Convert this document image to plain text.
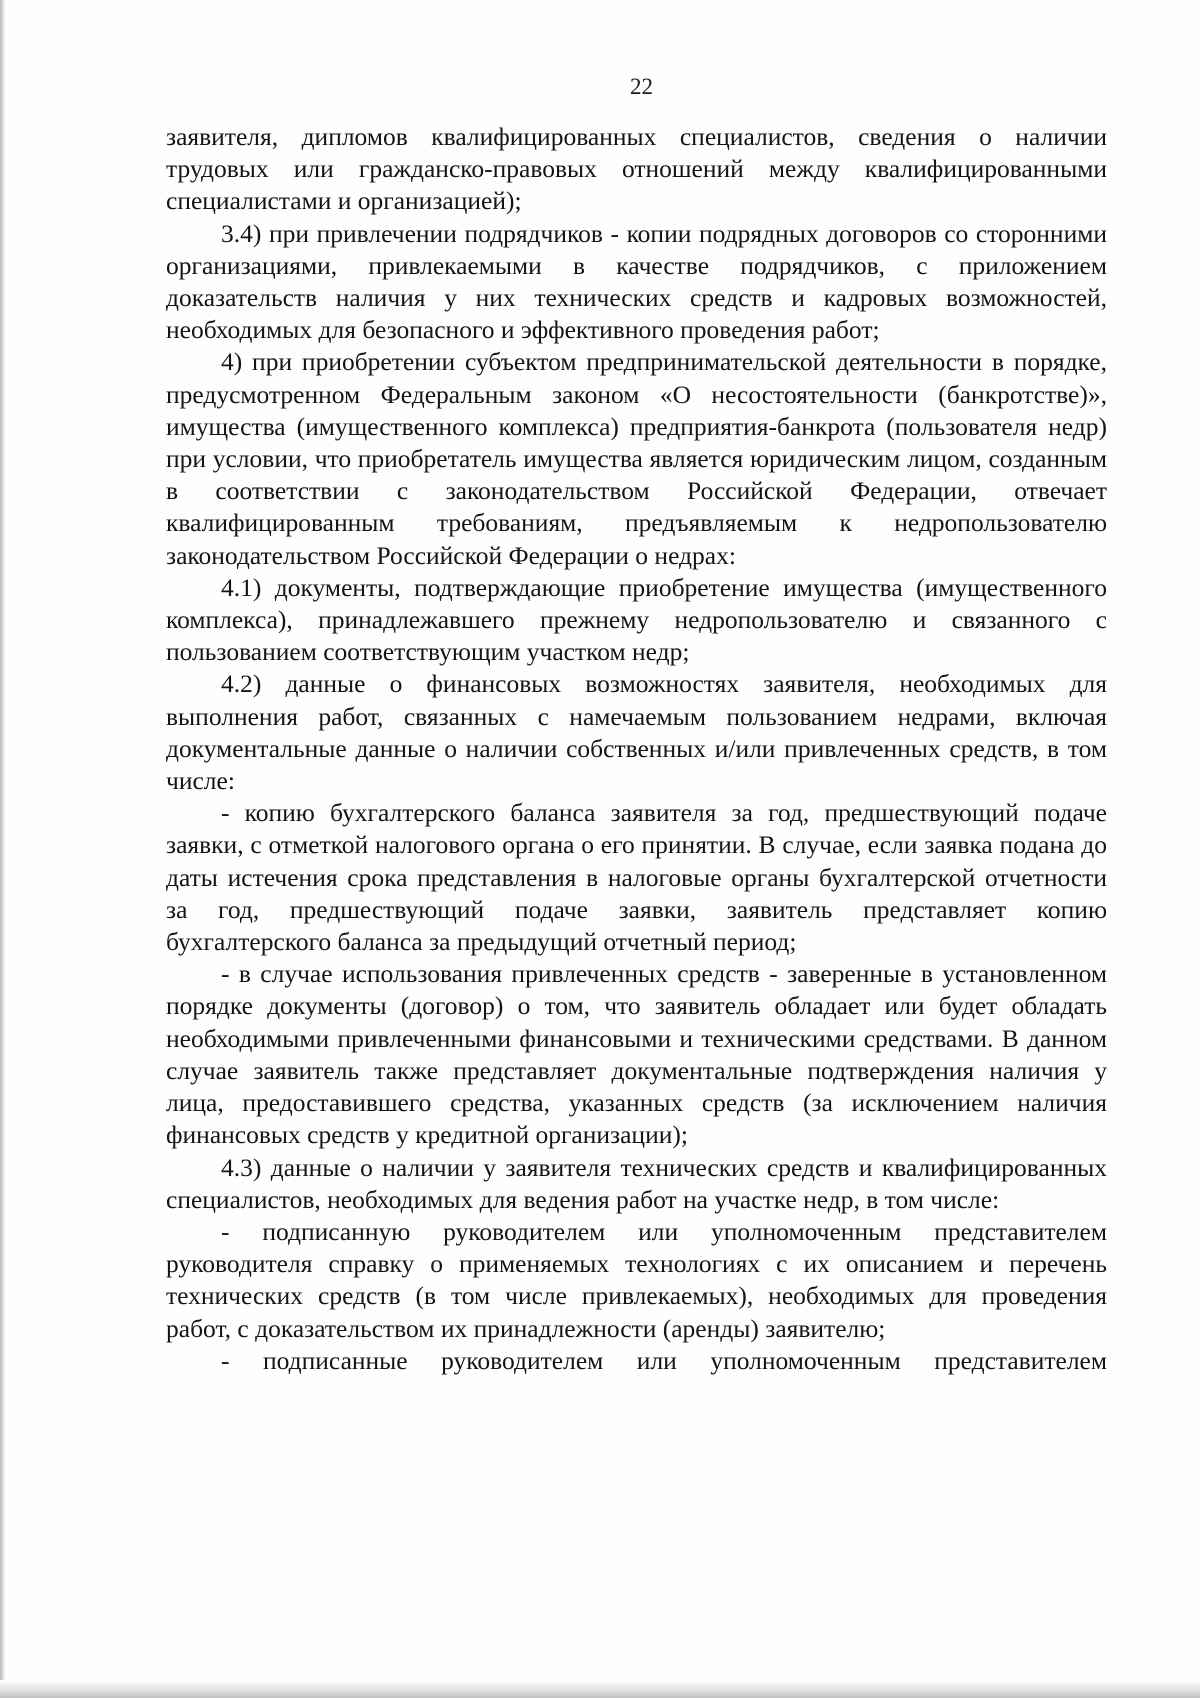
22

заявителя, дипломов квалифицированных специалистов, сведения о наличии трудовых или гражданско-правовых отношений между квалифицированными специалистами и организацией);

3.4) при привлечении подрядчиков - копии подрядных договоров со сторонними организациями, привлекаемыми в качестве подрядчиков, с приложением доказательств наличия у них технических средств и кадровых возможностей, необходимых для безопасного и эффективного проведения работ;

4) при приобретении субъектом предпринимательской деятельности в порядке, предусмотренном Федеральным законом «О несостоятельности (банкротстве)», имущества (имущественного комплекса) предприятия-банкрота (пользователя недр) при условии, что приобретатель имущества является юридическим лицом, созданным в соответствии с законодательством Российской Федерации, отвечает квалифицированным требованиям, предъявляемым к недропользователю законодательством Российской Федерации о недрах:

4.1) документы, подтверждающие приобретение имущества (имущественного комплекса), принадлежавшего прежнему недропользователю и связанного с пользованием соответствующим участком недр;

4.2) данные о финансовых возможностях заявителя, необходимых для выполнения работ, связанных с намечаемым пользованием недрами, включая документальные данные о наличии собственных и/или привлеченных средств, в том числе:

- копию бухгалтерского баланса заявителя за год, предшествующий подаче заявки, с отметкой налогового органа о его принятии. В случае, если заявка подана до даты истечения срока представления в налоговые органы бухгалтерской отчетности за год, предшествующий подаче заявки, заявитель представляет копию бухгалтерского баланса за предыдущий отчетный период;

- в случае использования привлеченных средств - заверенные в установленном порядке документы (договор) о том, что заявитель обладает или будет обладать необходимыми привлеченными финансовыми и техническими средствами. В данном случае заявитель также представляет документальные подтверждения наличия у лица, предоставившего средства, указанных средств (за исключением наличия финансовых средств у кредитной организации);

4.3) данные о наличии у заявителя технических средств и квалифицированных специалистов, необходимых для ведения работ на участке недр, в том числе:

- подписанную руководителем или уполномоченным представителем руководителя справку о применяемых технологиях с их описанием и перечень технических средств (в том числе привлекаемых), необходимых для проведения работ, с доказательством их принадлежности (аренды) заявителю;

- подписанные руководителем или уполномоченным представителем
